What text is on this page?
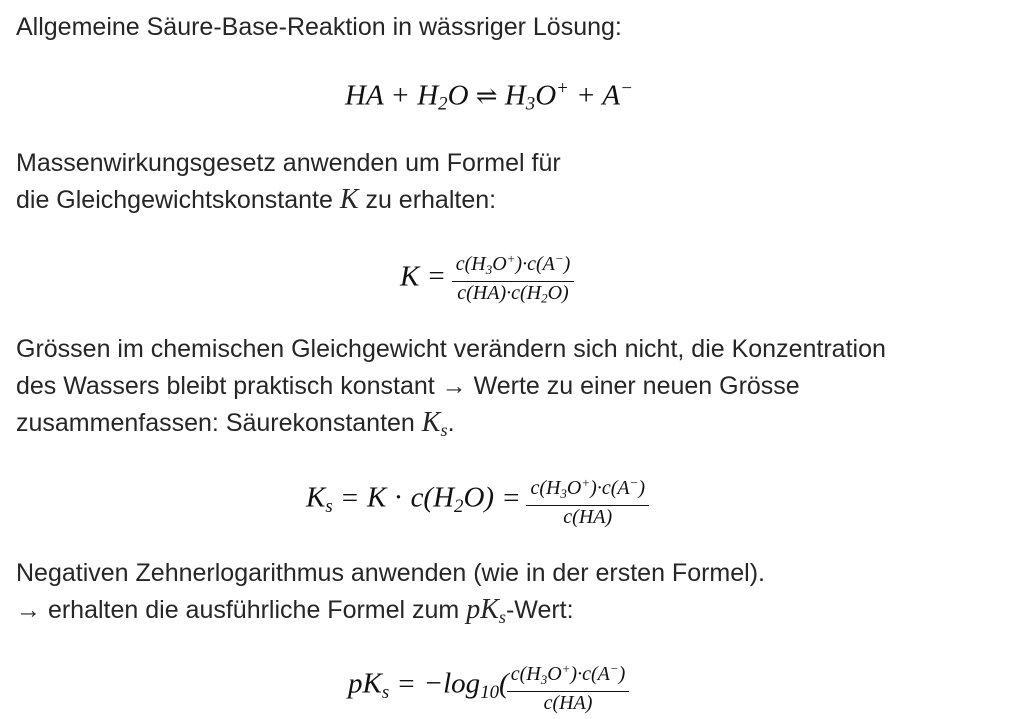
Allgemeine Säure-Base-Reaktion in wässriger Lösung:

HA + $H_2O$ ⇌ $H_3O^+ + A^-$

Massenwirkungsgesetz anwenden um Formel für

die Gleichgewichtskonstante K zu erhalten:

$K = \frac{c(H_3O^+)\cdot c(A^-)}{c(HA)\cdot c(H_2O)}$

Grössen im chemischen Gleichgewicht verändern sich nicht, die Konzentration

des Wassers bleibt praktisch konstant → Werte zu einer neuen Grösse

zusammenfassen: Säurekonstanten $K_s$.

$K_s = K \cdot c(H_2O) = \frac{c(H_3O^+)\cdot c(A^-)}{c(HA)}$

Negativen Zehnerlogarithmus anwenden (wie in der ersten Formel).

→ erhalten die ausführliche Formel zum $pK_s$-Wert:

$pK_s = -\log_{10}( \frac{c(H_3O^+)\cdot c(A^-)}{c(HA)}$
